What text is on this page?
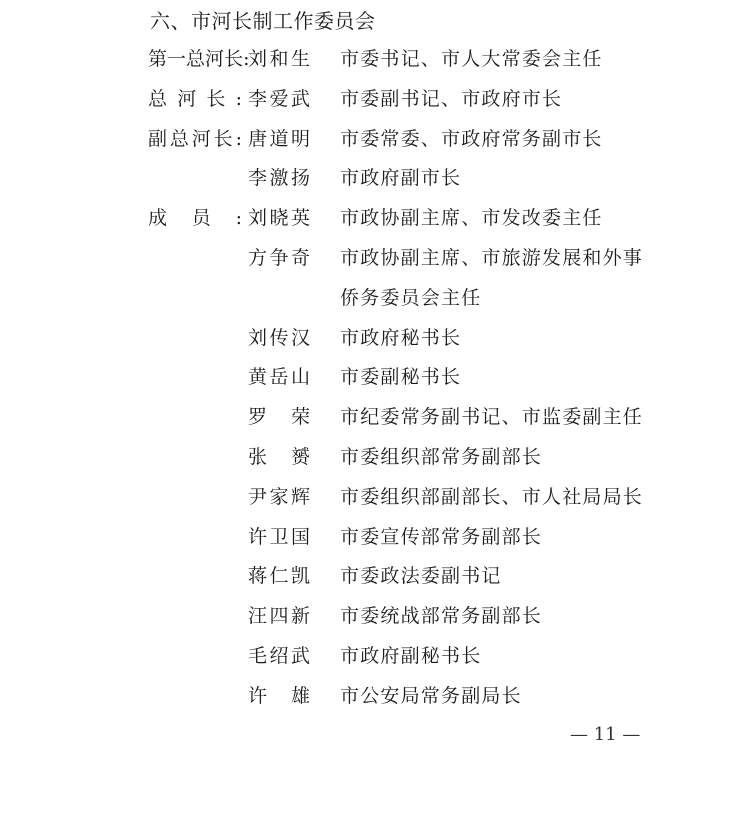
六、市河长制工作委员会
第 一 总 河 长 :
刘 和 生 市委书记、市人大常委会主任
总 河 长 : 李 爱 武 市委副书记、市政府市长
副 总 河 长 : 唐 道 明 市委常委、市政府常务副市长
李 激 扬 市政府副市长
成 员 : 刘 晓 英 市政协副主席、市发改委主任
方 争 奇 市政协副主席、市旅游发展和外事
侨务委员会主任
刘 传 汉 市政府秘书长
黄 岳 山 市委副秘书长
罗 荣 市纪委常务副书记、市监委副主任
张 赟 市委组织部常务副部长
尹 家 辉 市委组织部副部长、市人社局局长
许 卫 国 市委宣传部常务副部长
蒋 仁 凯 市委政法委副书记
汪 四 新 市委统战部常务副部长
毛 绍 武 市政府副秘书长
许 雄 市公安局常务副局长
— 11 —
